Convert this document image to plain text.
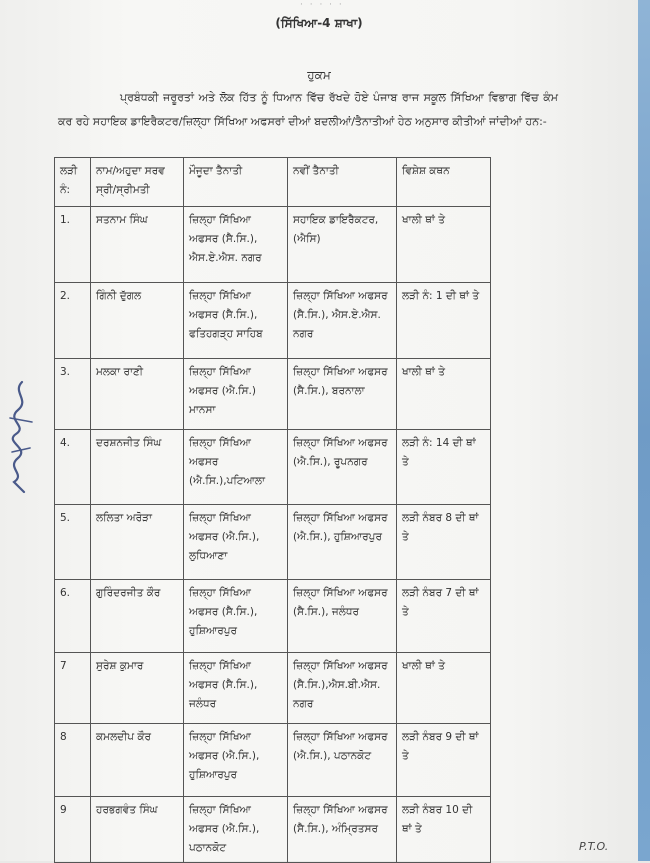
· · · · ·
(ਸਿੱਖਿਆ-4 ਸ਼ਾਖਾ)
ਹੁਕਮ
ਪ੍ਰਬੰਧਕੀ ਜਰੂਰਤਾਂ ਅਤੇ ਲੋਕ ਹਿੱਤ ਨੂੰ ਧਿਆਨ ਵਿੱਚ ਰੱਖਦੇ ਹੋਏ ਪੰਜਾਬ ਰਾਜ ਸਕੂਲ ਸਿੱਖਿਆ ਵਿਭਾਗ ਵਿੱਚ ਕੰਮ ਕਰ ਰਹੇ ਸਹਾਇਕ ਡਾਇਰੈਕਟਰ/ਜ਼ਿਲ੍ਹਾ ਸਿੱਖਿਆ ਅਫਸਰਾਂ ਦੀਆਂ ਬਦਲੀਆਂ/ਤੈਨਾਤੀਆਂ ਹੇਠ ਅਨੁਸਾਰ ਕੀਤੀਆਂ ਜਾਂਦੀਆਂ ਹਨ:-
ਲੜੀ ਨੰ:	ਨਾਮ/ਅਹੁਦਾ ਸਰਵ ਸ੍ਰੀ/ਸ੍ਰੀਮਤੀ	ਮੌਜੂਦਾ ਤੈਨਾਤੀ	ਨਵੀਂ ਤੈਨਾਤੀ	ਵਿਸ਼ੇਸ਼ ਕਥਨ
1.	ਸਤਨਾਮ ਸਿੰਘ	ਜ਼ਿਲ੍ਹਾ ਸਿੱਖਿਆ ਅਫਸਰ (ਸੈ.ਸਿ.), ਐਸ.ਏ.ਐਸ. ਨਗਰ	ਸਹਾਇਕ ਡਾਇਰੈਕਟਰ, (ਐਸਿ)	ਖਾਲੀ ਥਾਂ ਤੇ
2.	ਗਿੰਨੀ ਦੁੱਗਲ	ਜ਼ਿਲ੍ਹਾ ਸਿੱਖਿਆ ਅਫਸਰ (ਸੈ.ਸਿ.), ਫਤਿਹਗੜ੍ਹ ਸਾਹਿਬ	ਜ਼ਿਲ੍ਹਾ ਸਿੱਖਿਆ ਅਫਸਰ (ਸੈ.ਸਿ.), ਐਸ.ਏ.ਐਸ. ਨਗਰ	ਲੜੀ ਨੰ: 1 ਦੀ ਥਾਂ ਤੇ
3.	ਮਲਕਾ ਰਾਣੀ	ਜ਼ਿਲ੍ਹਾ ਸਿੱਖਿਆ ਅਫਸਰ (ਐ.ਸਿ.) ਮਾਨਸਾ	ਜ਼ਿਲ੍ਹਾ ਸਿੱਖਿਆ ਅਫਸਰ (ਸੈ.ਸਿ.), ਬਰਨਾਲਾ	ਖਾਲੀ ਥਾਂ ਤੇ
4.	ਦਰਸ਼ਨਜੀਤ ਸਿੰਘ	ਜ਼ਿਲ੍ਹਾ ਸਿੱਖਿਆ ਅਫਸਰ (ਐ.ਸਿ.),ਪਟਿਆਲਾ	ਜ਼ਿਲ੍ਹਾ ਸਿੱਖਿਆ ਅਫਸਰ (ਐ.ਸਿ.), ਰੂਪਨਗਰ	ਲੜੀ ਨੰ: 14 ਦੀ ਥਾਂ ਤੇ
5.	ਲਲਿਤਾ ਅਰੋੜਾ	ਜ਼ਿਲ੍ਹਾ ਸਿੱਖਿਆ ਅਫਸਰ (ਐ.ਸਿ.), ਲੁਧਿਆਣਾ	ਜ਼ਿਲ੍ਹਾ ਸਿੱਖਿਆ ਅਫਸਰ (ਐ.ਸਿ.), ਹੁਸ਼ਿਆਰਪੁਰ	ਲੜੀ ਨੰਬਰ 8 ਦੀ ਥਾਂ ਤੇ
6.	ਗੁਰਿੰਦਰਜੀਤ ਕੌਰ	ਜ਼ਿਲ੍ਹਾ ਸਿੱਖਿਆ ਅਫਸਰ (ਸੈ.ਸਿ.), ਹੁਸ਼ਿਆਰਪੁਰ	ਜ਼ਿਲ੍ਹਾ ਸਿੱਖਿਆ ਅਫਸਰ (ਸੈ.ਸਿ.), ਜਲੰਧਰ	ਲੜੀ ਨੰਬਰ 7 ਦੀ ਥਾਂ ਤੇ
7	ਸੁਰੇਸ਼ ਕੁਮਾਰ	ਜ਼ਿਲ੍ਹਾ ਸਿੱਖਿਆ ਅਫਸਰ (ਸੈ.ਸਿ.), ਜਲੰਧਰ	ਜ਼ਿਲ੍ਹਾ ਸਿੱਖਿਆ ਅਫਸਰ (ਸੈ.ਸਿ.),ਐਸ.ਬੀ.ਐਸ. ਨਗਰ	ਖਾਲੀ ਥਾਂ ਤੇ
8	ਕਮਲਦੀਪ ਕੌਰ	ਜ਼ਿਲ੍ਹਾ ਸਿੱਖਿਆ ਅਫਸਰ (ਐ.ਸਿ.), ਹੁਸ਼ਿਆਰਪੁਰ	ਜ਼ਿਲ੍ਹਾ ਸਿੱਖਿਆ ਅਫਸਰ (ਐ.ਸਿ.), ਪਠਾਨਕੋਟ	ਲੜੀ ਨੰਬਰ 9 ਦੀ ਥਾਂ ਤੇ
9	ਹਰਭਗਵੰਤ ਸਿੰਘ	ਜ਼ਿਲ੍ਹਾ ਸਿੱਖਿਆ ਅਫਸਰ (ਐ.ਸਿ.), ਪਠਾਨਕੋਟ	ਜ਼ਿਲ੍ਹਾ ਸਿੱਖਿਆ ਅਫਸਰ (ਸੈ.ਸਿ.), ਅੰਮ੍ਰਿਤਸਰ	ਲੜੀ ਨੰਬਰ 10 ਦੀ ਥਾਂ ਤੇ
P.T.O.
